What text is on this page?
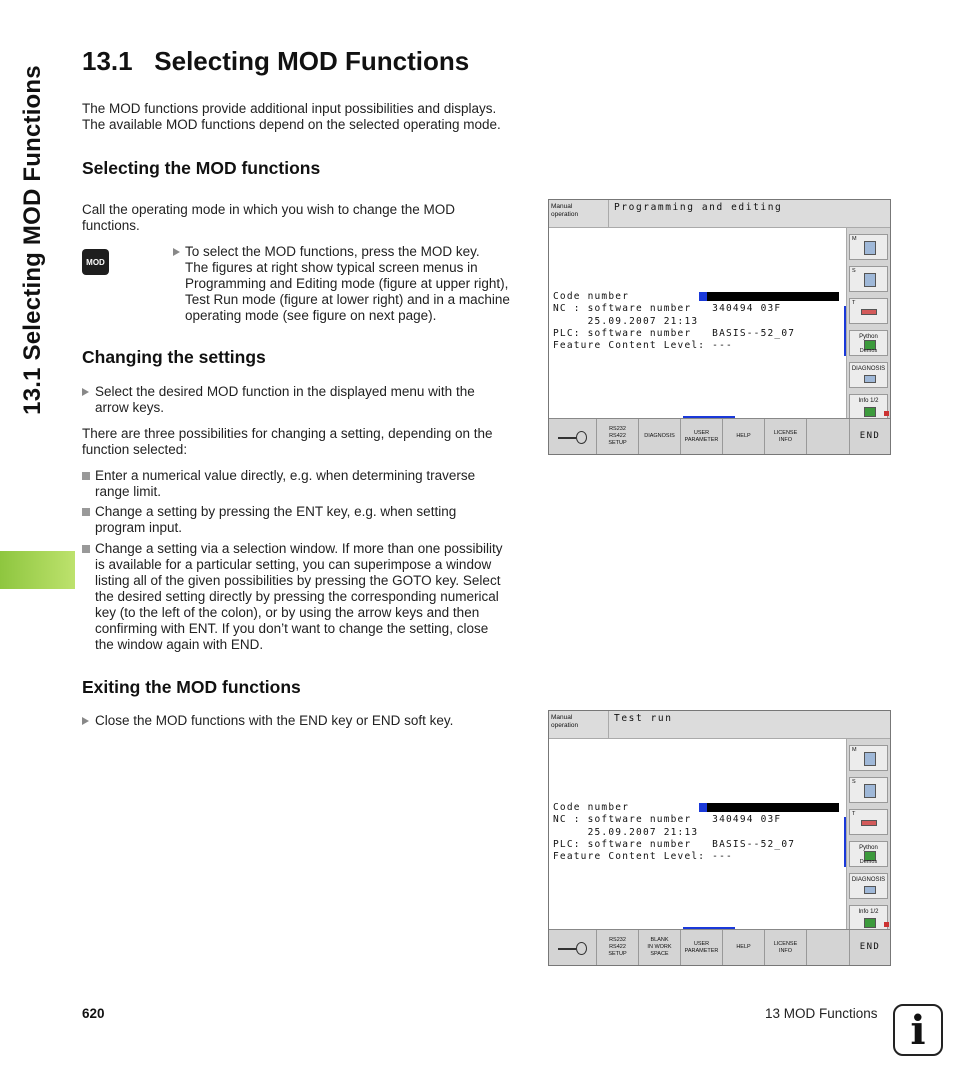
13.1 Selecting MOD Functions
13.1   Selecting MOD Functions
The MOD functions provide additional input possibilities and displays.
The available MOD functions depend on the selected operating mode.
Selecting the MOD functions
Call the operating mode in which you wish to change the MOD
functions.
MOD
To select the MOD functions, press the MOD key.
The figures at right show typical screen menus in
Programming and Editing mode (figure at upper right),
Test Run mode (figure at lower right) and in a machine
operating mode (see figure on next page).
Changing the settings
Select the desired MOD function in the displayed menu with the
arrow keys.
There are three possibilities for changing a setting, depending on the
function selected:
Enter a numerical value directly, e.g. when determining traverse
range limit.
Change a setting by pressing the ENT key, e.g. when setting
program input.
Change a setting via a selection window. If more than one possibility
is available for a particular setting, you can superimpose a window
listing all of the given possibilities by pressing the GOTO key. Select
the desired setting directly by pressing the corresponding numerical
key (to the left of the colon), or by using the arrow keys and then
confirming with ENT. If you don’t want to change the setting, close
the window again with END.
Exiting the MOD functions
Close the MOD functions with the END key or END soft key.
Manual
operation
Programming and editing
Code number
NC : software number   340494 03F
25.09.2007 21:13
PLC: software number   BASIS--52_07
Feature Content Level: ---
M
S
T
Python
Demos
DIAGNOSIS
Info 1/2
RS232
RS422
SETUP
DIAGNOSIS
USER
PARAMETER
HELP
LICENSE
INFO	END
Manual
operation
Test run
Code number
NC : software number   340494 03F
25.09.2007 21:13
PLC: software number   BASIS--52_07
Feature Content Level: ---
M
S
T
Python
Demos
DIAGNOSIS
Info 1/2
RS232
RS422
SETUP
BLANK
IN WORK
SPACE
USER
PARAMETER
HELP
LICENSE
INFO	END
620	13 MOD Functions i
